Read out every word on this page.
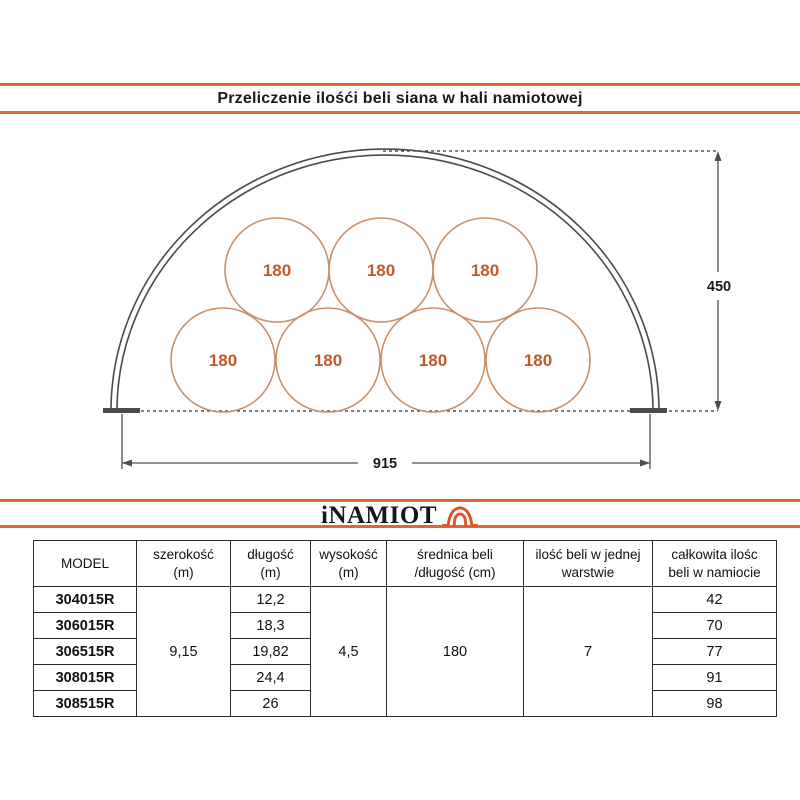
Przeliczenie ilośći beli siana w hali namiotowej
180	180	180
180	180	180	180
450
915
iNAMIOT
MODEL

szerokość
(m)

długość
(m)

wysokość
(m)

średnica beli
/długość (cm)

ilość beli w jednej
warstwie

całkowita ilośc
beli w namiocie

304015R	9,15	12,2	4,5	180	7	42
306015R		18,3				70
306515R		19,82				77
308015R		24,4				91
308515R		26				98
